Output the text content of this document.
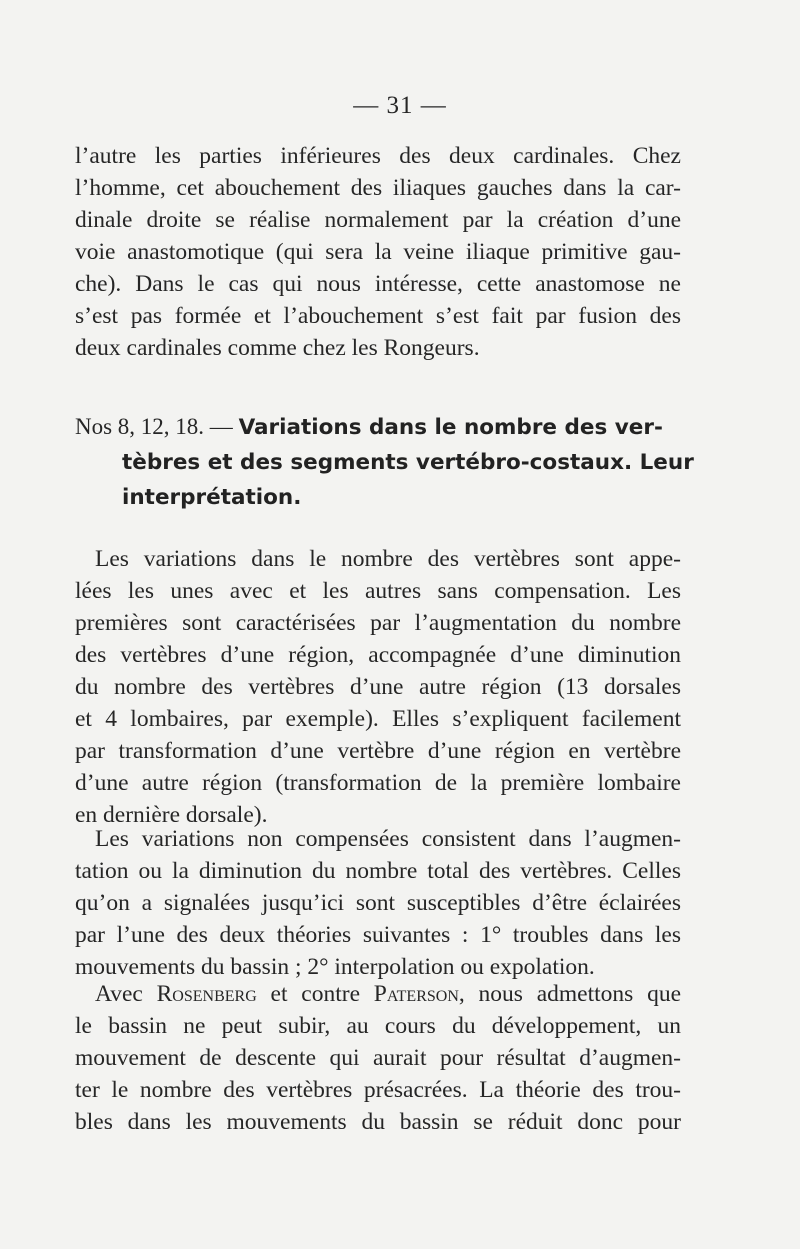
— 31 —
l’autre les parties inférieures des deux cardinales. Chez
l’homme, cet abouchement des iliaques gauches dans la car-
dinale droite se réalise normalement par la création d’une
voie anastomotique (qui sera la veine iliaque primitive gau-
che). Dans le cas qui nous intéresse, cette anastomose ne
s’est pas formée et l’abouchement s’est fait par fusion des
deux cardinales comme chez les Rongeurs.
Nos 8, 12, 18. — Variations dans le nombre des ver-
tèbres et des segments vertébro-costaux. Leur
interprétation.
Les variations dans le nombre des vertèbres sont appe-
lées les unes avec et les autres sans compensation. Les
premières sont caractérisées par l’augmentation du nombre
des vertèbres d’une région, accompagnée d’une diminution
du nombre des vertèbres d’une autre région (13 dorsales
et 4 lombaires, par exemple). Elles s’expliquent facilement
par transformation d’une vertèbre d’une région en vertèbre
d’une autre région (transformation de la première lombaire
en dernière dorsale).
Les variations non compensées consistent dans l’augmen-
tation ou la diminution du nombre total des vertèbres. Celles
qu’on a signalées jusqu’ici sont susceptibles d’être éclairées
par l’une des deux théories suivantes : 1° troubles dans les
mouvements du bassin ; 2° interpolation ou expolation.
Avec Rosenberg et contre Paterson, nous admettons que
le bassin ne peut subir, au cours du développement, un
mouvement de descente qui aurait pour résultat d’augmen-
ter le nombre des vertèbres présacrées. La théorie des trou-
bles dans les mouvements du bassin se réduit donc pour
